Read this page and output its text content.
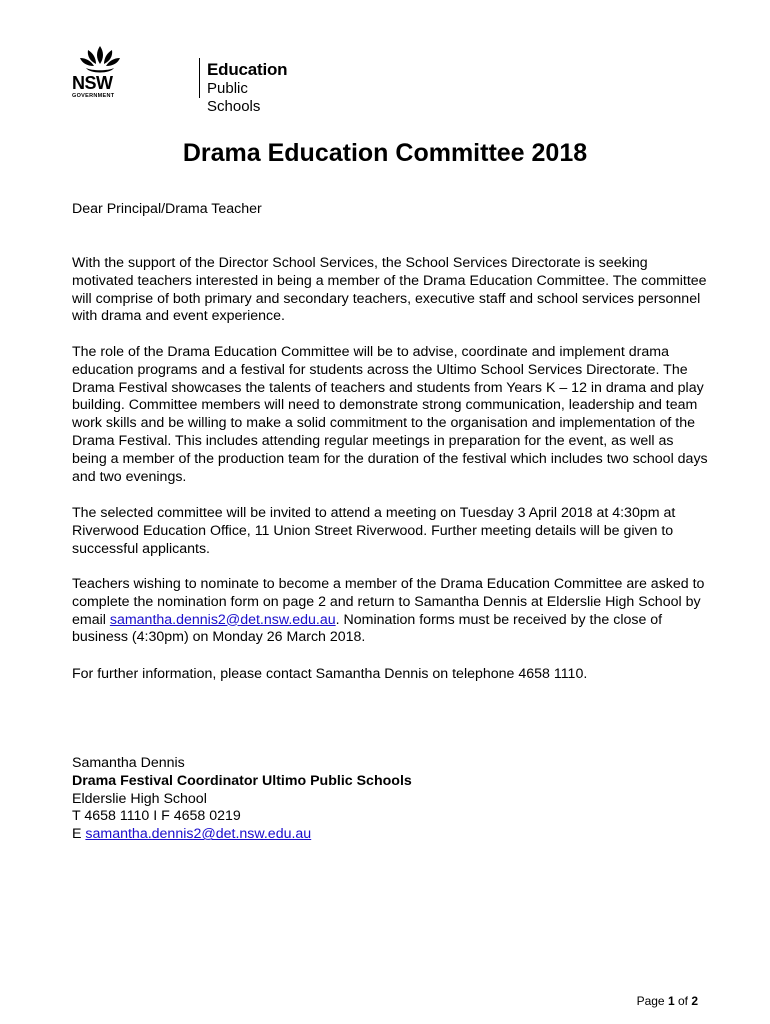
NSW
GOVERNMENT
Education
Public Schools
Drama Education Committee 2018

Dear Principal/Drama Teacher

With the support of the Director School Services, the School Services Directorate is seeking motivated teachers interested in being a member of the Drama Education Committee. The committee will comprise of both primary and secondary teachers, executive staff and school services personnel with drama and event experience.

The role of the Drama Education Committee will be to advise, coordinate and implement drama education programs and a festival for students across the Ultimo School Services Directorate. The Drama Festival showcases the talents of teachers and students from Years K – 12 in drama and play building. Committee members will need to demonstrate strong communication, leadership and team work skills and be willing to make a solid commitment to the organisation and implementation of the Drama Festival. This includes attending regular meetings in preparation for the event, as well as being a member of the production team for the duration of the festival which includes two school days and two evenings.

The selected committee will be invited to attend a meeting on Tuesday 3 April 2018 at 4:30pm at Riverwood Education Office, 11 Union Street Riverwood. Further meeting details will be given to successful applicants.

Teachers wishing to nominate to become a member of the Drama Education Committee are asked to complete the nomination form on page 2 and return to Samantha Dennis at Elderslie High School by email samantha.dennis2@det.nsw.edu.au. Nomination forms must be received by the close of business (4:30pm) on Monday 26 March 2018.

For further information, please contact Samantha Dennis on telephone 4658 1110.

Samantha Dennis
Drama Festival Coordinator Ultimo Public Schools
Elderslie High School
T 4658 1110 I F 4658 0219
E samantha.dennis2@det.nsw.edu.au
Page 1 of 2
